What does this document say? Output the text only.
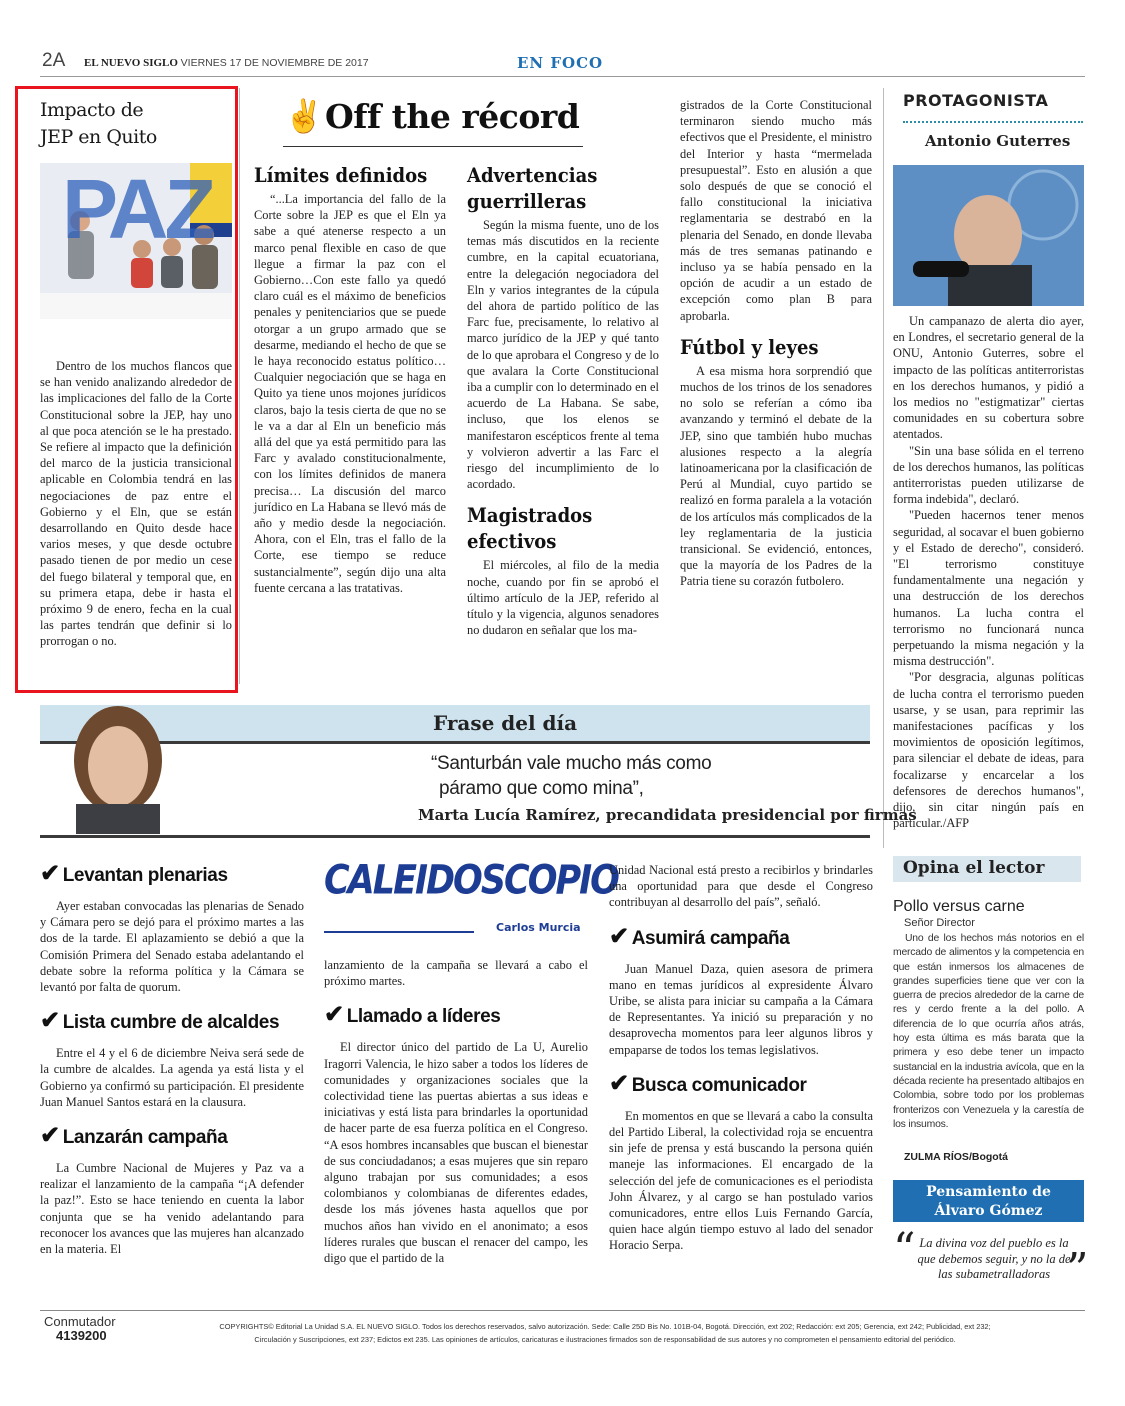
2A EL NUEVO SIGLO VIERNES 17 DE NOVIEMBRE DE 2017	EN FOCO
Impacto de
JEP en Quito
PAZ

Dentro de los muchos flancos que se han venido analizando alrededor de las implicaciones del fallo de la Corte Constitucional sobre la JEP, hay uno al que poca atención se le ha prestado. Se refiere al impacto que la definición del marco de la justicia transicional aplicable en Colombia tendrá en las negociaciones de paz entre el Gobierno y el Eln, que se están desarrollando en Quito desde hace varios meses, y que desde octubre pasado tienen de por medio un cese del fuego bilateral y temporal que, en su primera etapa, debe ir hasta el próximo 9 de enero, fecha en la cual las partes tendrán que definir si lo prorrogan o no.

✌ Off the récord
Límites definidos

“...La importancia del fallo de la Corte sobre la JEP es que el Eln ya sabe a qué atenerse respecto a un marco penal flexible en caso de que llegue a firmar la paz con el Gobierno…Con este fallo ya quedó claro cuál es el máximo de beneficios penales y penitenciarios que se puede otorgar a un grupo armado que se desarme, mediando el hecho de que se le haya reconocido estatus político… Cualquier negociación que se haga en Quito ya tiene unos mojones jurídicos claros, bajo la tesis cierta de que no se le va a dar al Eln un beneficio más allá del que ya está permitido para las Farc y avalado constitucionalmente, con los límites definidos de manera precisa… La discusión del marco jurídico en La Habana se llevó más de año y medio desde la negociación. Ahora, con el Eln, tras el fallo de la Corte, ese tiempo se reduce sustancialmente”, según dijo una alta fuente cercana a las tratativas.

Advertencias guerrilleras

Según la misma fuente, uno de los temas más discutidos en la reciente cumbre, en la capital ecuatoriana, entre la delegación negociadora del Eln y varios integrantes de la cúpula del ahora de partido político de las Farc fue, precisamente, lo relativo al marco jurídico de la JEP y qué tanto de lo que aprobara el Congreso y de lo que avalara la Corte Constitucional iba a cumplir con lo determinado en el acuerdo de La Habana. Se sabe, incluso, que los elenos se manifestaron escépticos frente al tema y volvieron advertir a las Farc el riesgo del incumplimiento de lo acordado.

Magistrados efectivos

El miércoles, al filo de la media noche, cuando por fin se aprobó el último artículo de la JEP, referido al título y la vigencia, algunos senadores no dudaron en señalar que los ma-

gistrados de la Corte Constitucional terminaron siendo mucho más efectivos que el Presidente, el ministro del Interior y hasta “mermelada presupuestal”. Esto en alusión a que solo después de que se conoció el fallo constitucional la iniciativa reglamentaria se destrabó en la plenaria del Senado, en donde llevaba más de tres semanas patinando e incluso ya se había pensado en la opción de acudir a un estado de excepción como plan B para aprobarla.

Fútbol y leyes

A esa misma hora sorprendió que muchos de los trinos de los senadores no solo se referían a cómo iba avanzando y terminó el debate de la JEP, sino que también hubo muchas alusiones respecto a la alegría latinoamericana por la clasificación de Perú al Mundial, cuyo partido se realizó en forma paralela a la votación de los artículos más complicados de la ley reglamentaria de la justicia transicional. Se evidenció, entonces, que la mayoría de los Padres de la Patria tiene su corazón futbolero.

PROTAGONISTA
Antonio Guterres

Un campanazo de alerta dio ayer, en Londres, el secretario general de la ONU, Antonio Guterres, sobre el impacto de las políticas antiterroristas en los derechos humanos, y pidió a los medios no "estigmatizar" ciertas comunidades en su cobertura sobre atentados.

"Sin una base sólida en el terreno de los derechos humanos, las políticas antiterroristas pueden utilizarse de forma indebida", declaró.

"Pueden hacernos tener menos seguridad, al socavar el buen gobierno y el Estado de derecho", consideró. "El terrorismo constituye fundamentalmente una negación y una destrucción de los derechos humanos. La lucha contra el terrorismo no funcionará nunca perpetuando la misma negación y la misma destrucción".

"Por desgracia, algunas políticas de lucha contra el terrorismo pueden usarse, y se usan, para reprimir las manifestaciones pacíficas y los movimientos de oposición legítimos, para silenciar el debate de ideas, para focalizarse y encarcelar a los defensores de derechos humanos", dijo, sin citar ningún país en particular./AFP

Frase del día
“Santurbán vale mucho más como
páramo que como mina”,
Marta Lucía Ramírez, precandidata presidencial por firmas
✔ Levantan plenarias

Ayer estaban convocadas las plenarias de Senado y Cámara pero se dejó para el próximo martes a las dos de la tarde. El aplazamiento se debió a que la Comisión Primera del Senado estaba adelantando el debate sobre la reforma política y la Cámara se levantó por falta de quorum.

✔ Lista cumbre de alcaldes

Entre el 4 y el 6 de diciembre Neiva será sede de la cumbre de alcaldes. La agenda ya está lista y el Gobierno ya confirmó su participación. El presidente Juan Manuel Santos estará en la clausura.

✔ Lanzarán campaña

La Cumbre Nacional de Mujeres y Paz va a realizar el lanzamiento de la campaña “¡A defender la paz!”. Esto se hace teniendo en cuenta la labor conjunta que se ha venido adelantando para reconocer los avances que las mujeres han alcanzado en la materia. El

CALEIDOSCOPIO
Carlos Murcia

lanzamiento de la campaña se llevará a cabo el próximo martes.

✔ Llamado a líderes

El director único del partido de La U, Aurelio Iragorri Valencia, le hizo saber a todos los líderes de comunidades y organizaciones sociales que la colectividad tiene las puertas abiertas a sus ideas e iniciativas y está lista para brindarles la oportunidad de hacer parte de esa fuerza política en el Congreso. “A esos hombres incansables que buscan el bienestar de sus conciudadanos; a esas mujeres que sin reparo alguno trabajan por sus comunidades; a esos colombianos y colombianas de diferentes edades, desde los más jóvenes hasta aquellos que por muchos años han vivido en el anonimato; a esos líderes rurales que buscan el renacer del campo, les digo que el partido de la

Unidad Nacional está presto a recibirlos y brindarles una oportunidad para que desde el Congreso contribuyan al desarrollo del país”, señaló.

✔ Asumirá campaña

Juan Manuel Daza, quien asesora de primera mano en temas jurídicos al expresidente Álvaro Uribe, se alista para iniciar su campaña a la Cámara de Representantes. Ya inició su preparación y no desaprovecha momentos para leer algunos libros y empaparse de todos los temas legislativos.

✔ Busca comunicador

En momentos en que se llevará a cabo la consulta del Partido Liberal, la colectividad roja se encuentra sin jefe de prensa y está buscando la persona quién maneje las informaciones. El encargado de la selección del jefe de comunicaciones es el periodista John Álvarez, y al cargo se han postulado varios comunicadores, entre ellos Luis Fernando García, quien hace algún tiempo estuvo al lado del senador Horacio Serpa.

Opina el lector
Pollo versus carne
Señor Director

Uno de los hechos más notorios en el mercado de alimentos y la competencia en que están inmersos los almacenes de grandes superficies tiene que ver con la guerra de precios alrededor de la carne de res y cerdo frente a la del pollo. A diferencia de lo que ocurría años atrás, hoy esta última es más barata que la primera y eso debe tener un impacto sustancial en la industria avícola, que en la década reciente ha presentado altibajos en Colombia, sobre todo por los problemas fronterizos con Venezuela y la carestía de los insumos.

ZULMA RÍOS/Bogotá
Pensamiento de
Álvaro Gómez
“	”
La divina voz del pueblo es la que debemos seguir, y no la de las subametralladoras
Conmutador
4139200
COPYRIGHTS© Editorial La Unidad S.A. EL NUEVO SIGLO. Todos los derechos reservados, salvo autorización. Sede: Calle 25D Bis No. 101B-04, Bogotá. Dirección, ext 202; Redacción: ext 205; Gerencia, ext 242; Publicidad, ext 232;
Circulación y Suscripciones, ext 237; Edictos ext 235. Las opiniones de artículos, caricaturas e ilustraciones firmados son de responsabilidad de sus autores y no comprometen el pensamiento editorial del periódico.
